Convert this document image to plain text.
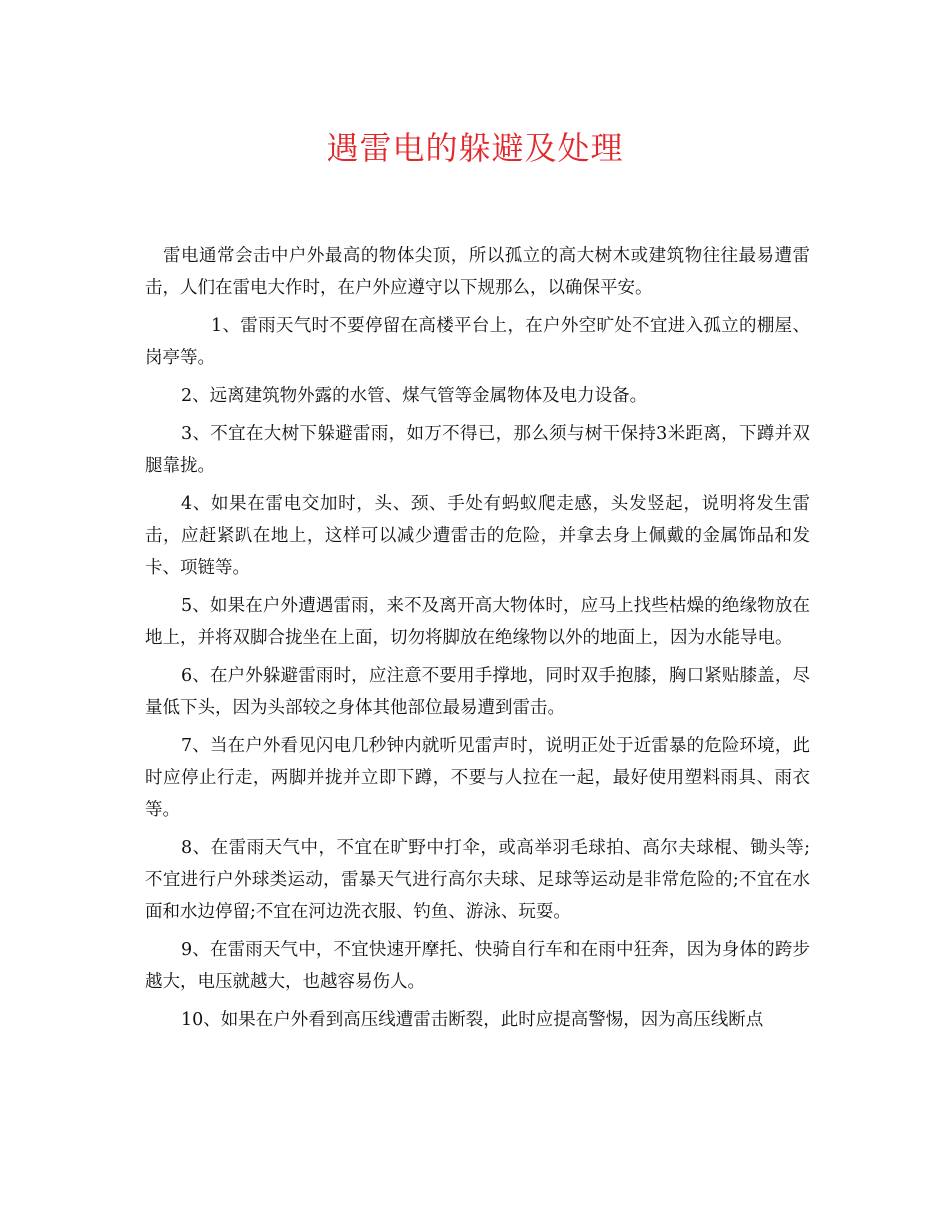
遇雷电的躲避及处理

雷电通常会击中户外最高的物体尖顶，所以孤立的高大树木或建筑物往往最易遭雷击，人们在雷电大作时，在户外应遵守以下规那么，以确保平安。

1、雷雨天气时不要停留在高楼平台上，在户外空旷处不宜进入孤立的棚屋、岗亭等。

2、远离建筑物外露的水管、煤气管等金属物体及电力设备。

3、不宜在大树下躲避雷雨，如万不得已，那么须与树干保持3米距离，下蹲并双腿靠拢。

4、如果在雷电交加时，头、颈、手处有蚂蚁爬走感，头发竖起，说明将发生雷击，应赶紧趴在地上，这样可以减少遭雷击的危险，并拿去身上佩戴的金属饰品和发卡、项链等。

5、如果在户外遭遇雷雨，来不及离开高大物体时，应马上找些枯燥的绝缘物放在地上，并将双脚合拢坐在上面，切勿将脚放在绝缘物以外的地面上，因为水能导电。

6、在户外躲避雷雨时，应注意不要用手撑地，同时双手抱膝，胸口紧贴膝盖，尽量低下头，因为头部较之身体其他部位最易遭到雷击。

7、当在户外看见闪电几秒钟内就听见雷声时，说明正处于近雷暴的危险环境，此时应停止行走，两脚并拢并立即下蹲，不要与人拉在一起，最好使用塑料雨具、雨衣等。

8、在雷雨天气中，不宜在旷野中打伞，或高举羽毛球拍、高尔夫球棍、锄头等;不宜进行户外球类运动，雷暴天气进行高尔夫球、足球等运动是非常危险的;不宜在水面和水边停留;不宜在河边洗衣服、钓鱼、游泳、玩耍。

9、在雷雨天气中，不宜快速开摩托、快骑自行车和在雨中狂奔，因为身体的跨步越大，电压就越大，也越容易伤人。

10、如果在户外看到高压线遭雷击断裂，此时应提高警惕，因为高压线断点
